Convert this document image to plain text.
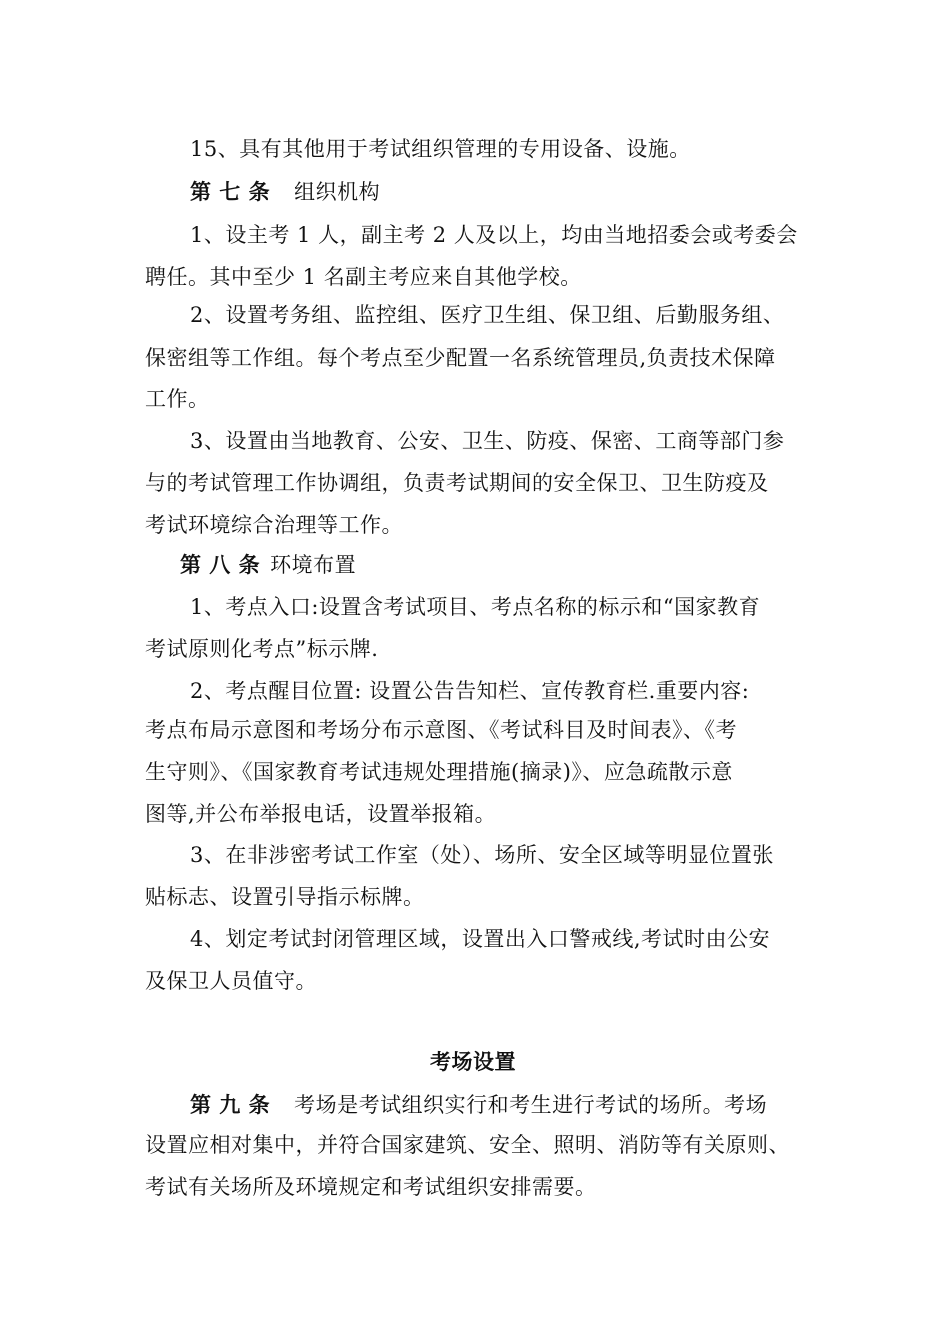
15、具有其他用于考试组织管理的专用设备、设施。
第 七 条 组织机构
1、设主考 1 人，副主考 2 人及以上，均由当地招委会或考委会
聘任。其中至少 1 名副主考应来自其他学校。
2、设置考务组、监控组、医疗卫生组、保卫组、后勤服务组、
保密组等工作组。每个考点至少配置一名系统管理员,负责技术保障
工作。
3、设置由当地教育、公安、卫生、防疫、保密、工商等部门参
与的考试管理工作协调组，负责考试期间的安全保卫、卫生防疫及
考试环境综合治理等工作。
第 八 条 环境布置
1、考点入口:设置含考试项目、考点名称的标示和“国家教育
考试原则化考点”标示牌.
2、考点醒目位置: 设置公告告知栏、宣传教育栏.重要内容:
考点布局示意图和考场分布示意图、《考试科目及时间表》、《考
生守则》、《国家教育考试违规处理措施(摘录)》、应急疏散示意
图等,并公布举报电话，设置举报箱。
3、在非涉密考试工作室（处）、场所、安全区域等明显位置张
贴标志、设置引导指示标牌。
4、划定考试封闭管理区域，设置出入口警戒线,考试时由公安
及保卫人员值守。
考场设置
第 九 条 考场是考试组织实行和考生进行考试的场所。考场
设置应相对集中，并符合国家建筑、安全、照明、消防等有关原则、
考试有关场所及环境规定和考试组织安排需要。
